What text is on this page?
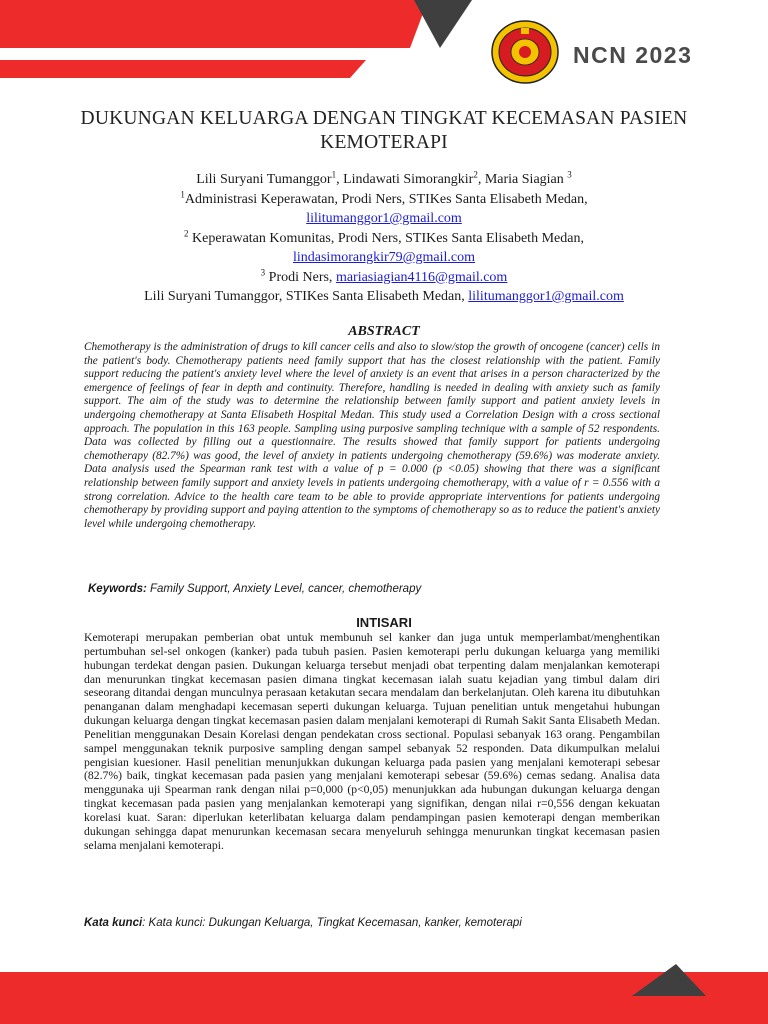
NCN 2023
DUKUNGAN KELUARGA DENGAN TINGKAT KECEMASAN PASIEN KEMOTERAPI
Lili Suryani Tumanggor$^1$, Lindawati Simorangkir$^2$, Maria Siagian $^3$
$^1$Administrasi Keperawatan, Prodi Ners, STIKes Santa Elisabeth Medan,
lilitumanggor1@gmail.com
$^2$ Keperawatan Komunitas, Prodi Ners, STIKes Santa Elisabeth Medan,
lindasimorangkir79@gmail.com
$^3$ Prodi Ners, mariasiagian4116@gmail.com
Lili Suryani Tumanggor, STIKes Santa Elisabeth Medan, lilitumanggor1@gmail.com
ABSTRACT
Chemotherapy is the administration of drugs to kill cancer cells and also to slow/stop the growth of oncogene (cancer) cells in the patient's body. Chemotherapy patients need family support that has the closest relationship with the patient. Family support reducing the patient's anxiety level where the level of anxiety is an event that arises in a person characterized by the emergence of feelings of fear in depth and continuity. Therefore, handling is needed in dealing with anxiety such as family support. The aim of the study was to determine the relationship between family support and patient anxiety levels in undergoing chemotherapy at Santa Elisabeth Hospital Medan. This study used a Correlation Design with a cross sectional approach. The population in this 163 people. Sampling using purposive sampling technique with a sample of 52 respondents. Data was collected by filling out a questionnaire. The results showed that family support for patients undergoing chemotherapy (82.7%) was good, the level of anxiety in patients undergoing chemotherapy (59.6%) was moderate anxiety. Data analysis used the Spearman rank test with a value of p = 0.000 (p <0.05) showing that there was a significant relationship between family support and anxiety levels in patients undergoing chemotherapy, with a value of r = 0.556 with a strong correlation. Advice to the health care team to be able to provide appropriate interventions for patients undergoing chemotherapy by providing support and paying attention to the symptoms of chemotherapy so as to reduce the patient's anxiety level while undergoing chemotherapy.
Keywords: Family Support, Anxiety Level, cancer, chemotherapy
INTISARI
Kemoterapi merupakan pemberian obat untuk membunuh sel kanker dan juga untuk memperlambat/menghentikan pertumbuhan sel-sel onkogen (kanker) pada tubuh pasien. Pasien kemoterapi perlu dukungan keluarga yang memiliki hubungan terdekat dengan pasien. Dukungan keluarga tersebut menjadi obat terpenting dalam menjalankan kemoterapi dan menurunkan tingkat kecemasan pasien dimana tingkat kecemasan ialah suatu kejadian yang timbul dalam diri seseorang ditandai dengan munculnya perasaan ketakutan secara mendalam dan berkelanjutan. Oleh karena itu dibutuhkan penanganan dalam menghadapi kecemasan seperti dukungan keluarga. Tujuan penelitian untuk mengetahui hubungan dukungan keluarga dengan tingkat kecemasan pasien dalam menjalani kemoterapi di Rumah Sakit Santa Elisabeth Medan. Penelitian menggunakan Desain Korelasi dengan pendekatan cross sectional. Populasi sebanyak 163 orang. Pengambilan sampel menggunakan teknik purposive sampling dengan sampel sebanyak 52 responden. Data dikumpulkan melalui pengisian kuesioner. Hasil penelitian menunjukkan dukungan keluarga pada pasien yang menjalani kemoterapi sebesar (82.7%) baik, tingkat kecemasan pada pasien yang menjalani kemoterapi sebesar (59.6%) cemas sedang. Analisa data menggunaka uji Spearman rank dengan nilai p=0,000 (p<0,05) menunjukkan ada hubungan dukungan keluarga dengan tingkat kecemasan pada pasien yang menjalankan kemoterapi yang signifikan, dengan nilai r=0,556 dengan kekuatan korelasi kuat. Saran: diperlukan keterlibatan keluarga dalam pendampingan pasien kemoterapi dengan memberikan dukungan sehingga dapat menurunkan kecemasan secara menyeluruh sehingga menurunkan tingkat kecemasan pasien selama menjalani kemoterapi.
Kata kunci: Kata kunci: Dukungan Keluarga, Tingkat Kecemasan, kanker, kemoterapi
